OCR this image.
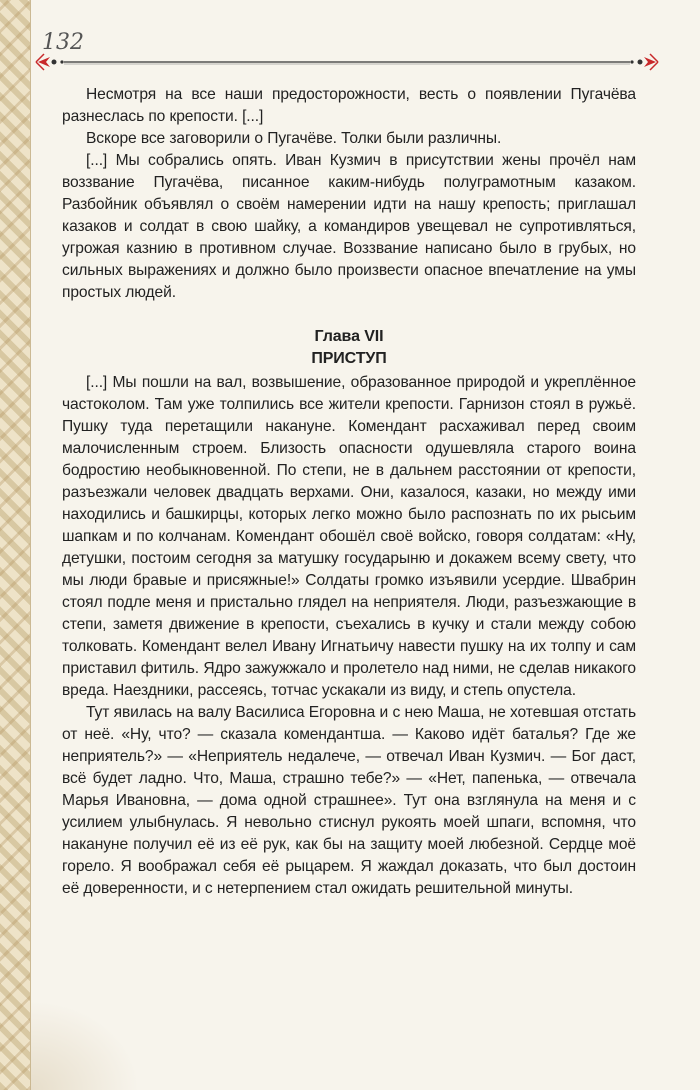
132

Несмотря на все наши предосторожности, весть о появлении Пугачёва разнеслась по крепости. [...]

Вскоре все заговорили о Пугачёве. Толки были различны.

[...] Мы собрались опять. Иван Кузмич в присутствии жены прочёл нам воззвание Пугачёва, писанное каким-нибудь полуграмотным казаком. Разбойник объявлял о своём намерении идти на нашу крепость; приглашал казаков и солдат в свою шайку, а командиров увещевал не супротивляться, угрожая казнию в противном случае. Воззвание написано было в грубых, но сильных выражениях и должно было произвести опасное впечатление на умы простых людей.

Глава VII
ПРИСТУП

[...] Мы пошли на вал, возвышение, образованное природой и укреплённое частоколом. Там уже толпились все жители крепости. Гарнизон стоял в ружьё. Пушку туда перетащили накануне. Комендант расхаживал перед своим малочисленным строем. Близость опасности одушевляла старого воина бодростию необыкновенной. По степи, не в дальнем расстоянии от крепости, разъезжали человек двадцать верхами. Они, казалося, казаки, но между ими находились и башкирцы, которых легко можно было распознать по их рысьим шапкам и по колчанам. Комендант обошёл своё войско, говоря солдатам: «Ну, детушки, постоим сегодня за матушку государыню и докажем всему свету, что мы люди бравые и присяжные!» Солдаты громко изъявили усердие. Швабрин стоял подле меня и пристально глядел на неприятеля. Люди, разъезжающие в степи, заметя движение в крепости, съехались в кучку и стали между собою толковать. Комендант велел Ивану Игнатьичу навести пушку на их толпу и сам приставил фитиль. Ядро зажужжало и пролетело над ними, не сделав никакого вреда. Наездники, рассеясь, тотчас ускакали из виду, и степь опустела.

Тут явилась на валу Василиса Егоровна и с нею Маша, не хотевшая отстать от неё. «Ну, что? — сказала комендантша. — Каково идёт баталья? Где же неприятель?» — «Неприятель недалече, — отвечал Иван Кузмич. — Бог даст, всё будет ладно. Что, Маша, страшно тебе?» — «Нет, папенька, — отвечала Марья Ивановна, — дома одной страшнее». Тут она взглянула на меня и с усилием улыбнулась. Я невольно стиснул рукоять моей шпаги, вспомня, что накануне получил её из её рук, как бы на защиту моей любезной. Сердце моё горело. Я воображал себя её рыцарем. Я жаждал доказать, что был достоин её доверенности, и с нетерпением стал ожидать решительной минуты.
